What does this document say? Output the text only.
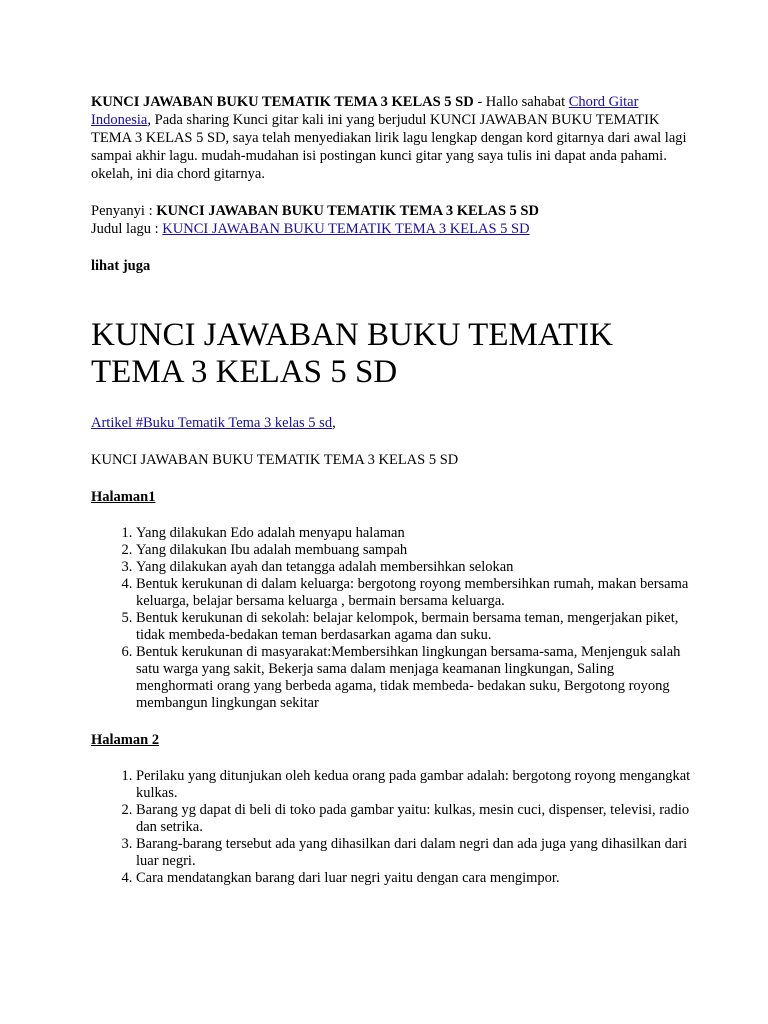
KUNCI JAWABAN BUKU TEMATIK TEMA 3 KELAS 5 SD - Hallo sahabat Chord Gitar Indonesia, Pada sharing Kunci gitar kali ini yang berjudul KUNCI JAWABAN BUKU TEMATIK TEMA 3 KELAS 5 SD, saya telah menyediakan lirik lagu lengkap dengan kord gitarnya dari awal lagi sampai akhir lagu. mudah-mudahan isi postingan kunci gitar yang saya tulis ini dapat anda pahami. okelah, ini dia chord gitarnya.

Penyanyi : KUNCI JAWABAN BUKU TEMATIK TEMA 3 KELAS 5 SD
Judul lagu : KUNCI JAWABAN BUKU TEMATIK TEMA 3 KELAS 5 SD

lihat juga

KUNCI JAWABAN BUKU TEMATIK TEMA 3 KELAS 5 SD

Artikel #Buku Tematik Tema 3 kelas 5 sd,

KUNCI JAWABAN BUKU TEMATIK TEMA 3 KELAS 5 SD

Halaman1

1. Yang dilakukan Edo adalah menyapu halaman
2. Yang dilakukan Ibu adalah membuang sampah
3. Yang dilakukan ayah dan tetangga adalah membersihkan selokan
4. Bentuk kerukunan di dalam keluarga: bergotong royong membersihkan rumah, makan bersama keluarga, belajar bersama keluarga , bermain bersama keluarga.
5. Bentuk kerukunan di sekolah: belajar kelompok, bermain bersama teman, mengerjakan piket, tidak membeda-bedakan teman berdasarkan agama dan suku.
6. Bentuk kerukunan di masyarakat:Membersihkan lingkungan bersama-sama, Menjenguk salah satu warga yang sakit, Bekerja sama dalam menjaga keamanan lingkungan, Saling menghormati orang yang berbeda agama, tidak membeda- bedakan suku, Bergotong royong membangun lingkungan sekitar

Halaman 2

1. Perilaku yang ditunjukan oleh kedua orang pada gambar adalah: bergotong royong mengangkat kulkas.
2. Barang yg dapat di beli di toko pada gambar yaitu: kulkas, mesin cuci, dispenser, televisi, radio dan setrika.
3. Barang-barang tersebut ada yang dihasilkan dari dalam negri dan ada juga yang dihasilkan dari luar negri.
4. Cara mendatangkan barang dari luar negri yaitu dengan cara mengimpor.
